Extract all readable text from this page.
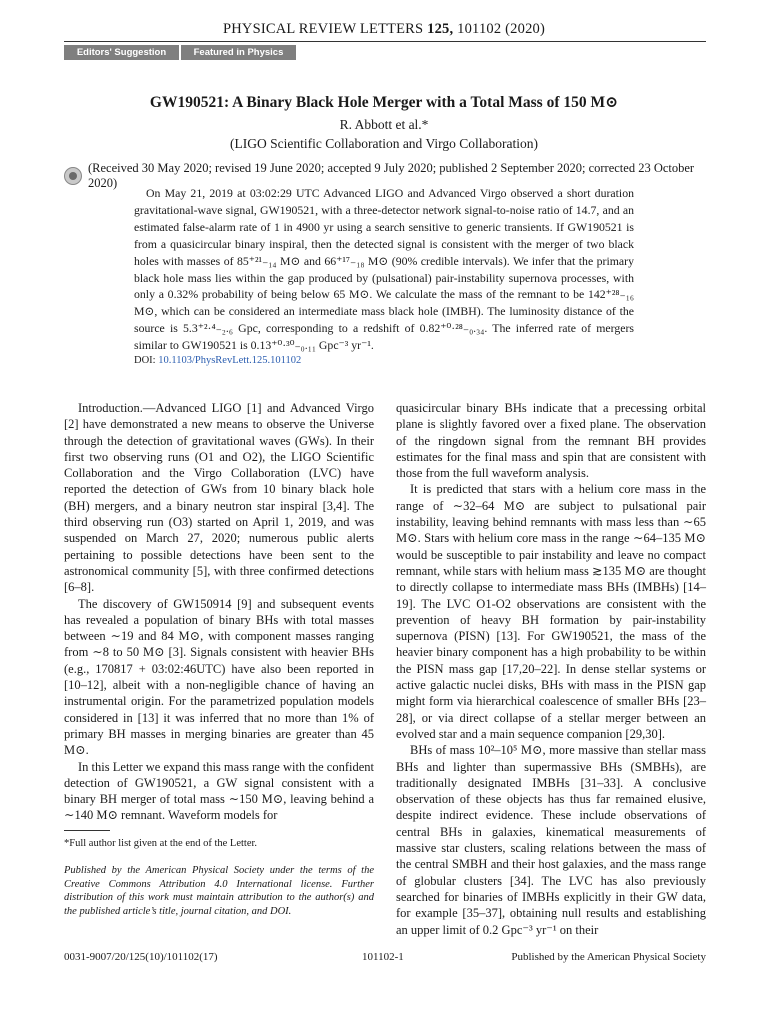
PHYSICAL REVIEW LETTERS 125, 101102 (2020)
Editors' Suggestion	Featured in Physics
GW190521: A Binary Black Hole Merger with a Total Mass of 150 M⊙
R. Abbott et al.*
(LIGO Scientific Collaboration and Virgo Collaboration)
(Received 30 May 2020; revised 19 June 2020; accepted 9 July 2020; published 2 September 2020; corrected 23 October 2020)

On May 21, 2019 at 03:02:29 UTC Advanced LIGO and Advanced Virgo observed a short duration gravitational-wave signal, GW190521, with a three-detector network signal-to-noise ratio of 14.7, and an estimated false-alarm rate of 1 in 4900 yr using a search sensitive to generic transients. If GW190521 is from a quasicircular binary inspiral, then the detected signal is consistent with the merger of two black holes with masses of 85⁺²¹₋₁₄ M⊙ and 66⁺¹⁷₋₁₈ M⊙ (90% credible intervals). We infer that the primary black hole mass lies within the gap produced by (pulsational) pair-instability supernova processes, with only a 0.32% probability of being below 65 M⊙. We calculate the mass of the remnant to be 142⁺²⁸₋₁₆ M⊙, which can be considered an intermediate mass black hole (IMBH). The luminosity distance of the source is 5.3⁺²·⁴₋₂.₆ Gpc, corresponding to a redshift of 0.82⁺⁰·²⁸₋₀.₃₄. The inferred rate of mergers similar to GW190521 is 0.13⁺⁰·³⁰₋₀.₁₁ Gpc⁻³ yr⁻¹.

DOI: 10.1103/PhysRevLett.125.101102

Introduction.—Advanced LIGO [1] and Advanced Virgo [2] have demonstrated a new means to observe the Universe through the detection of gravitational waves (GWs). In their first two observing runs (O1 and O2), the LIGO Scientific Collaboration and the Virgo Collaboration (LVC) have reported the detection of GWs from 10 binary black hole (BH) mergers, and a binary neutron star inspiral [3,4]. The third observing run (O3) started on April 1, 2019, and was suspended on March 27, 2020; numerous public alerts pertaining to possible detections have been sent to the astronomical community [5], with three confirmed detections [6–8].

The discovery of GW150914 [9] and subsequent events has revealed a population of binary BHs with total masses between ∼19 and 84 M⊙, with component masses ranging from ∼8 to 50 M⊙ [3]. Signals consistent with heavier BHs (e.g., 170817 + 03:02:46UTC) have also been reported in [10–12], albeit with a non-negligible chance of having an instrumental origin. For the parametrized population models considered in [13] it was inferred that no more than 1% of primary BH masses in merging binaries are greater than 45 M⊙.

In this Letter we expand this mass range with the confident detection of GW190521, a GW signal consistent with a binary BH merger of total mass ∼150 M⊙, leaving behind a ∼140 M⊙ remnant. Waveform models for

quasicircular binary BHs indicate that a precessing orbital plane is slightly favored over a fixed plane. The observation of the ringdown signal from the remnant BH provides estimates for the final mass and spin that are consistent with those from the full waveform analysis.

It is predicted that stars with a helium core mass in the range of ∼32–64 M⊙ are subject to pulsational pair instability, leaving behind remnants with mass less than ∼65 M⊙. Stars with helium core mass in the range ∼64–135 M⊙ would be susceptible to pair instability and leave no compact remnant, while stars with helium mass ≳135 M⊙ are thought to directly collapse to intermediate mass BHs (IMBHs) [14–19]. The LVC O1-O2 observations are consistent with the prevention of heavy BH formation by pair-instability supernova (PISN) [13]. For GW190521, the mass of the heavier binary component has a high probability to be within the PISN mass gap [17,20–22]. In dense stellar systems or active galactic nuclei disks, BHs with mass in the PISN gap might form via hierarchical coalescence of smaller BHs [23–28], or via direct collapse of a stellar merger between an evolved star and a main sequence companion [29,30].

BHs of mass 10²–10⁵ M⊙, more massive than stellar mass BHs and lighter than supermassive BHs (SMBHs), are traditionally designated IMBHs [31–33]. A conclusive observation of these objects has thus far remained elusive, despite indirect evidence. These include observations of central BHs in galaxies, kinematical measurements of massive star clusters, scaling relations between the mass of the central SMBH and their host galaxies, and the mass range of globular clusters [34]. The LVC has also previously searched for binaries of IMBHs explicitly in their GW data, for example [35–37], obtaining null results and establishing an upper limit of 0.2 Gpc⁻³ yr⁻¹ on their

*Full author list given at the end of the Letter.

Published by the American Physical Society under the terms of the Creative Commons Attribution 4.0 International license. Further distribution of this work must maintain attribution to the author(s) and the published article’s title, journal citation, and DOI.

0031-9007/20/125(10)/101102(17)	101102-1	Published by the American Physical Society
